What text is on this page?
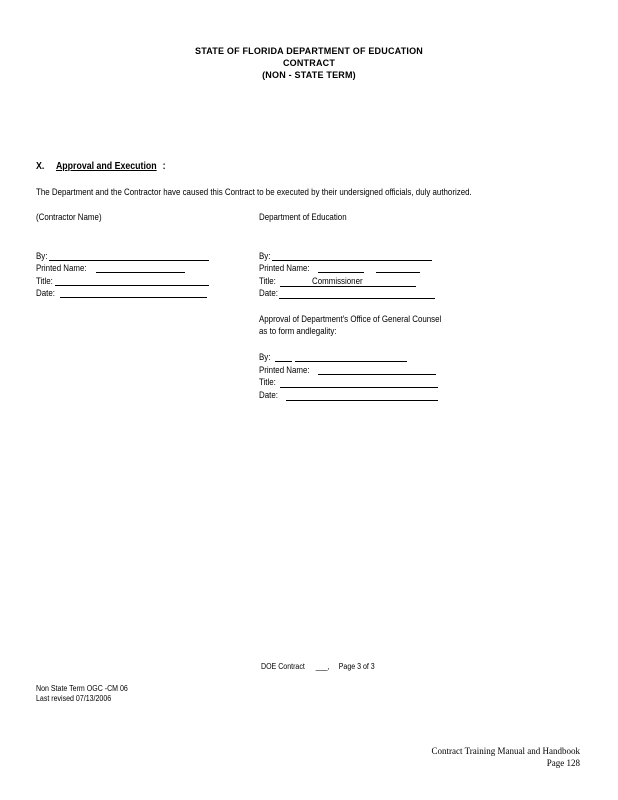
STATE OF FLORIDA DEPARTMENT OF EDUCATION
CONTRACT
(NON - STATE TERM)
X. Approval and Execution :
The Department and the Contractor have caused this Contract to be executed by their undersigned officials, duly authorized.
(Contractor Name)
By:
Printed Name:
Title:
Date:
Department of Education
By:
Printed Name:
Title:	Commissioner
Date:
Approval of Department's Office of General Counsel
as to form andlegality:
By:
Printed Name:
Title:
Date:
DOE Contract ___, Page 3 of 3
Non State Term OGC -CM 06
Last revised 07/13/2006
Contract Training Manual and Handbook
Page 128
